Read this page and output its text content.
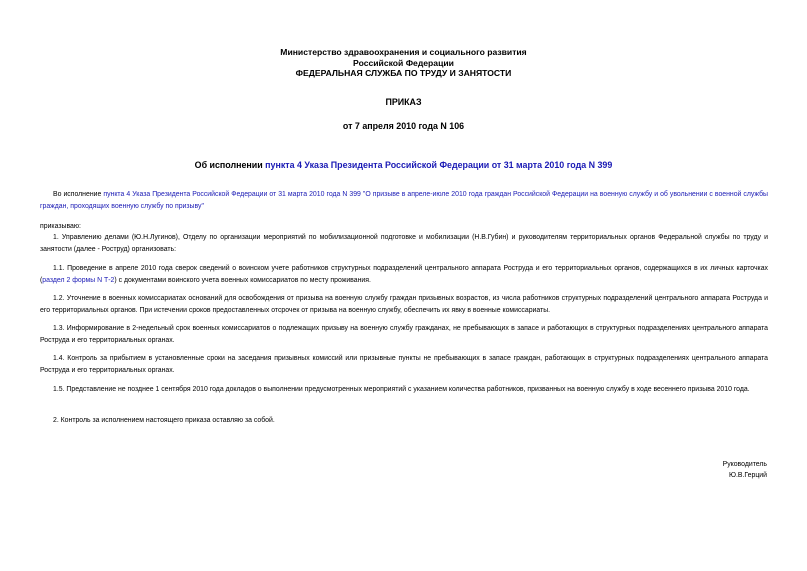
Министерство здравоохранения и социального развития
Российской Федерации
ФЕДЕРАЛЬНАЯ СЛУЖБА ПО ТРУДУ И ЗАНЯТОСТИ
ПРИКАЗ
от 7 апреля 2010 года N 106
Об исполнении пункта 4 Указа Президента Российской Федерации от 31 марта 2010 года N 399
Во исполнение пункта 4 Указа Президента Российской Федерации от 31 марта 2010 года N 399 "О призыве в апреле-июле 2010 года граждан Российской Федерации на военную службу и об увольнении с военной службы граждан, проходящих военную службу по призыву"
приказываю:
1. Управлению делами (Ю.Н.Лугинов), Отделу по организации мероприятий по мобилизационной подготовке и мобилизации (Н.В.Губин) и руководителям территориальных органов Федеральной службы по труду и занятости (далее - Роструд) организовать:
1.1. Проведение в апреле 2010 года сверок сведений о воинском учете работников структурных подразделений центрального аппарата Роструда и его территориальных органов, содержащихся в их личных карточках (раздел 2 формы N Т-2) с документами воинского учета военных комиссариатов по месту проживания.
1.2. Уточнение в военных комиссариатах оснований для освобождения от призыва на военную службу граждан призывных возрастов, из числа работников структурных подразделений центрального аппарата Роструда и его территориальных органов. При истечении сроков предоставленных отсрочек от призыва на военную службу, обеспечить их явку в военные комиссариаты.
1.3. Информирование в 2-недельный срок военных комиссариатов о подлежащих призыву на военную службу гражданах, не пребывающих в запасе и работающих в структурных подразделениях центрального аппарата Роструда и его территориальных органах.
1.4. Контроль за прибытием в установленные сроки на заседания призывных комиссий или призывные пункты не пребывающих в запасе граждан, работающих в структурных подразделениях центрального аппарата Роструда и его территориальных органах.
1.5. Представление не позднее 1 сентября 2010 года докладов о выполнении предусмотренных мероприятий с указанием количества работников, призванных на военную службу в ходе весеннего призыва 2010 года.
2. Контроль за исполнением настоящего приказа оставляю за собой.
Руководитель
Ю.В.Герций
